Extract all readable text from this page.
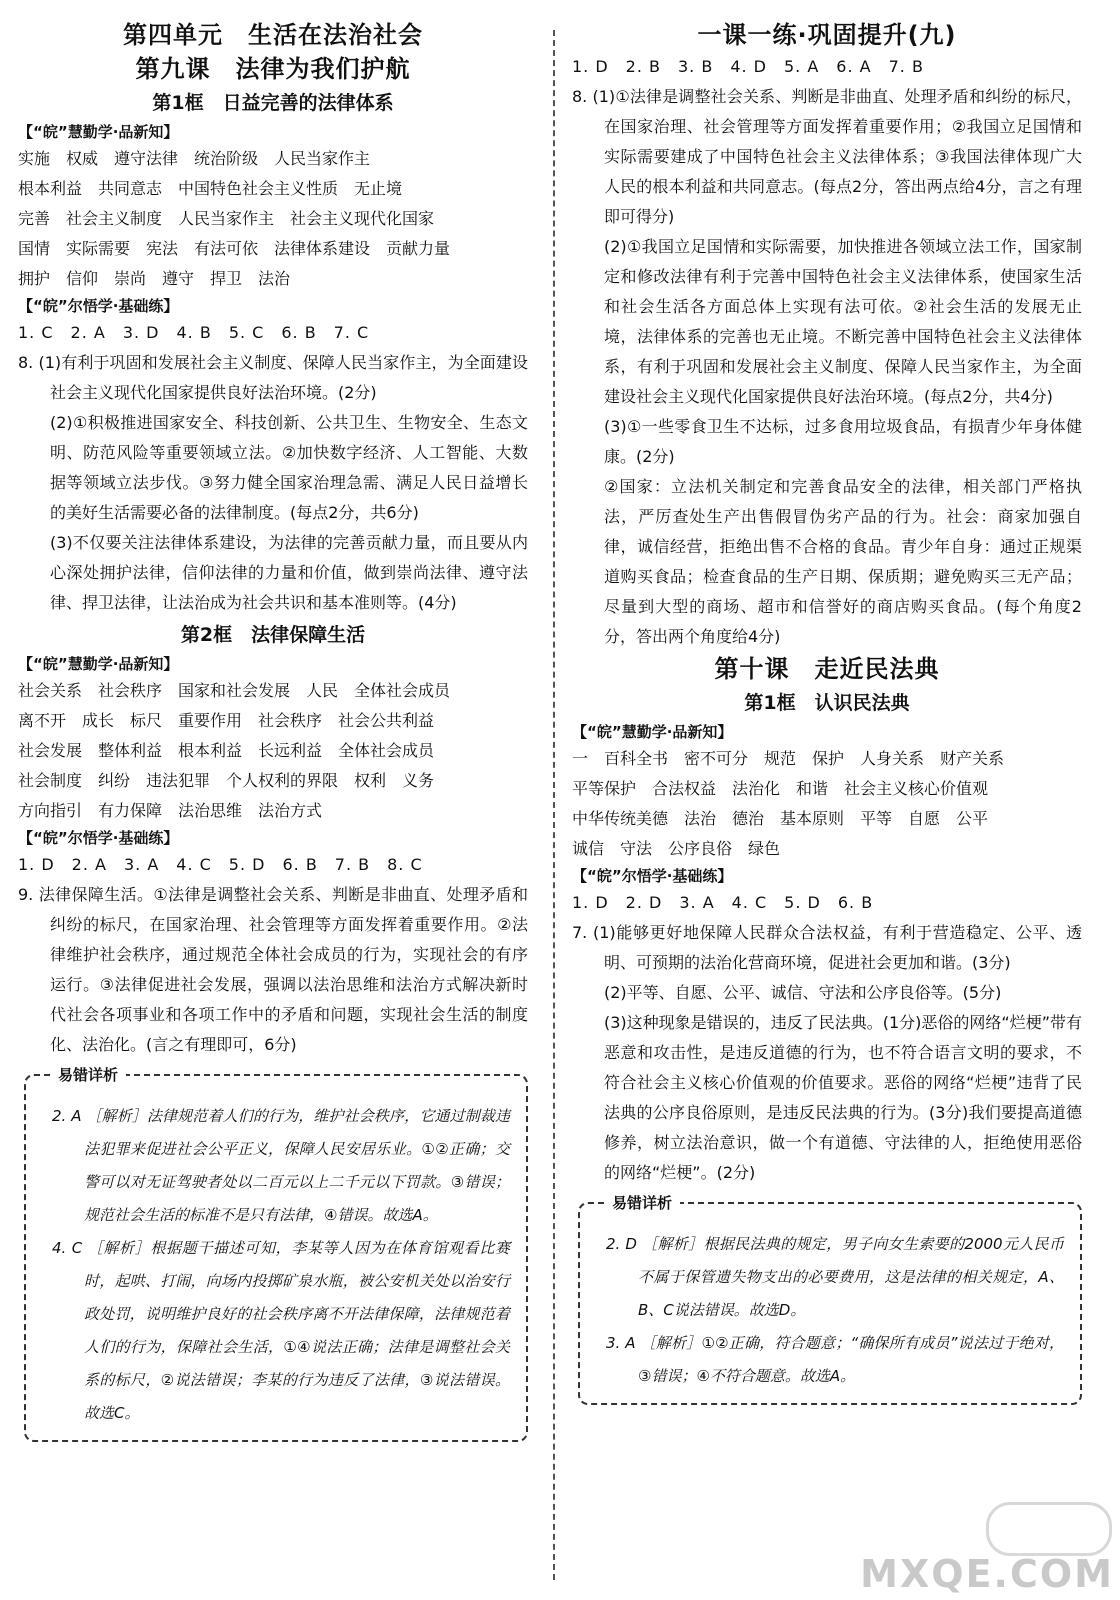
第四单元　生活在法治社会
第九课　法律为我们护航
第1框　日益完善的法律体系
【“皖”慧勤学·品新知】
实施　权威　遵守法律　统治阶级　人民当家作主
根本利益　共同意志　中国特色社会主义性质　无止境
完善　社会主义制度　人民当家作主　社会主义现代化国家
国情　实际需要　宪法　有法可依　法律体系建设　贡献力量
拥护　信仰　崇尚　遵守　捍卫　法治
【“皖”尔悟学·基础练】
1. C　2. A　3. D　4. B　5. C　6. B　7. C
8. (1)有利于巩固和发展社会主义制度、保障人民当家作主，为全面建设社会主义现代化国家提供良好法治环境。(2分)
(2)①积极推进国家安全、科技创新、公共卫生、生物安全、生态文明、防范风险等重要领域立法。②加快数字经济、人工智能、大数据等领域立法步伐。③努力健全国家治理急需、满足人民日益增长的美好生活需要必备的法律制度。(每点2分，共6分)
(3)不仅要关注法律体系建设，为法律的完善贡献力量，而且要从内心深处拥护法律，信仰法律的力量和价值，做到崇尚法律、遵守法律、捍卫法律，让法治成为社会共识和基本准则等。(4分)
第2框　法律保障生活
【“皖”慧勤学·品新知】
社会关系　社会秩序　国家和社会发展　人民　全体社会成员
离不开　成长　标尺　重要作用　社会秩序　社会公共利益
社会发展　整体利益　根本利益　长远利益　全体社会成员
社会制度　纠纷　违法犯罪　个人权利的界限　权利　义务
方向指引　有力保障　法治思维　法治方式
【“皖”尔悟学·基础练】
1. D　2. A　3. A　4. C　5. D　6. B　7. B　8. C
9. 法律保障生活。①法律是调整社会关系、判断是非曲直、处理矛盾和纠纷的标尺，在国家治理、社会管理等方面发挥着重要作用。②法律维护社会秩序，通过规范全体社会成员的行为，实现社会的有序运行。③法律促进社会发展，强调以法治思维和法治方式解决新时代社会各项事业和各项工作中的矛盾和问题，实现社会生活的制度化、法治化。(言之有理即可，6分)
易错详析
2. A ［解析］法律规范着人们的行为，维护社会秩序，它通过制裁违法犯罪来促进社会公平正义，保障人民安居乐业。①②正确；交警可以对无证驾驶者处以二百元以上二千元以下罚款。③错误；规范社会生活的标准不是只有法律，④错误。故选A。
4. C ［解析］根据题干描述可知，李某等人因为在体育馆观看比赛时，起哄、打闹，向场内投掷矿泉水瓶，被公安机关处以治安行政处罚，说明维护良好的社会秩序离不开法律保障，法律规范着人们的行为，保障社会生活，①④说法正确；法律是调整社会关系的标尺，②说法错误；李某的行为违反了法律，③说法错误。故选C。
一课一练·巩固提升(九)
1. D　2. B　3. B　4. D　5. A　6. A　7. B
8. (1)①法律是调整社会关系、判断是非曲直、处理矛盾和纠纷的标尺，在国家治理、社会管理等方面发挥着重要作用；②我国立足国情和实际需要建成了中国特色社会主义法律体系；③我国法律体现广大人民的根本利益和共同意志。(每点2分，答出两点给4分，言之有理即可得分)
(2)①我国立足国情和实际需要，加快推进各领域立法工作，国家制定和修改法律有利于完善中国特色社会主义法律体系，使国家生活和社会生活各方面总体上实现有法可依。②社会生活的发展无止境，法律体系的完善也无止境。不断完善中国特色社会主义法律体系，有利于巩固和发展社会主义制度、保障人民当家作主，为全面建设社会主义现代化国家提供良好法治环境。(每点2分，共4分)
(3)①一些零食卫生不达标，过多食用垃圾食品，有损青少年身体健康。(2分)
②国家：立法机关制定和完善食品安全的法律，相关部门严格执法，严厉查处生产出售假冒伪劣产品的行为。社会：商家加强自律，诚信经营，拒绝出售不合格的食品。青少年自身：通过正规渠道购买食品；检查食品的生产日期、保质期；避免购买三无产品；尽量到大型的商场、超市和信誉好的商店购买食品。(每个角度2分，答出两个角度给4分)
第十课　走近民法典
第1框　认识民法典
【“皖”慧勤学·品新知】
一　百科全书　密不可分　规范　保护　人身关系　财产关系
平等保护　合法权益　法治化　和谐　社会主义核心价值观
中华传统美德　法治　德治　基本原则　平等　自愿　公平
诚信　守法　公序良俗　绿色
【“皖”尔悟学·基础练】
1. D　2. D　3. A　4. C　5. D　6. B
7. (1)能够更好地保障人民群众合法权益，有利于营造稳定、公平、透明、可预期的法治化营商环境，促进社会更加和谐。(3分)
(2)平等、自愿、公平、诚信、守法和公序良俗等。(5分)
(3)这种现象是错误的，违反了民法典。(1分)恶俗的网络“烂梗”带有恶意和攻击性，是违反道德的行为，也不符合语言文明的要求，不符合社会主义核心价值观的价值要求。恶俗的网络“烂梗”违背了民法典的公序良俗原则，是违反民法典的行为。(3分)我们要提高道德修养，树立法治意识，做一个有道德、守法律的人，拒绝使用恶俗的网络“烂梗”。(2分)
易错详析
2. D ［解析］根据民法典的规定，男子向女生索要的2000元人民币不属于保管遗失物支出的必要费用，这是法律的相关规定，A、B、C说法错误。故选D。
3. A ［解析］①②正确，符合题意；“确保所有成员”说法过于绝对，③错误；④不符合题意。故选A。
MXQE.COM
